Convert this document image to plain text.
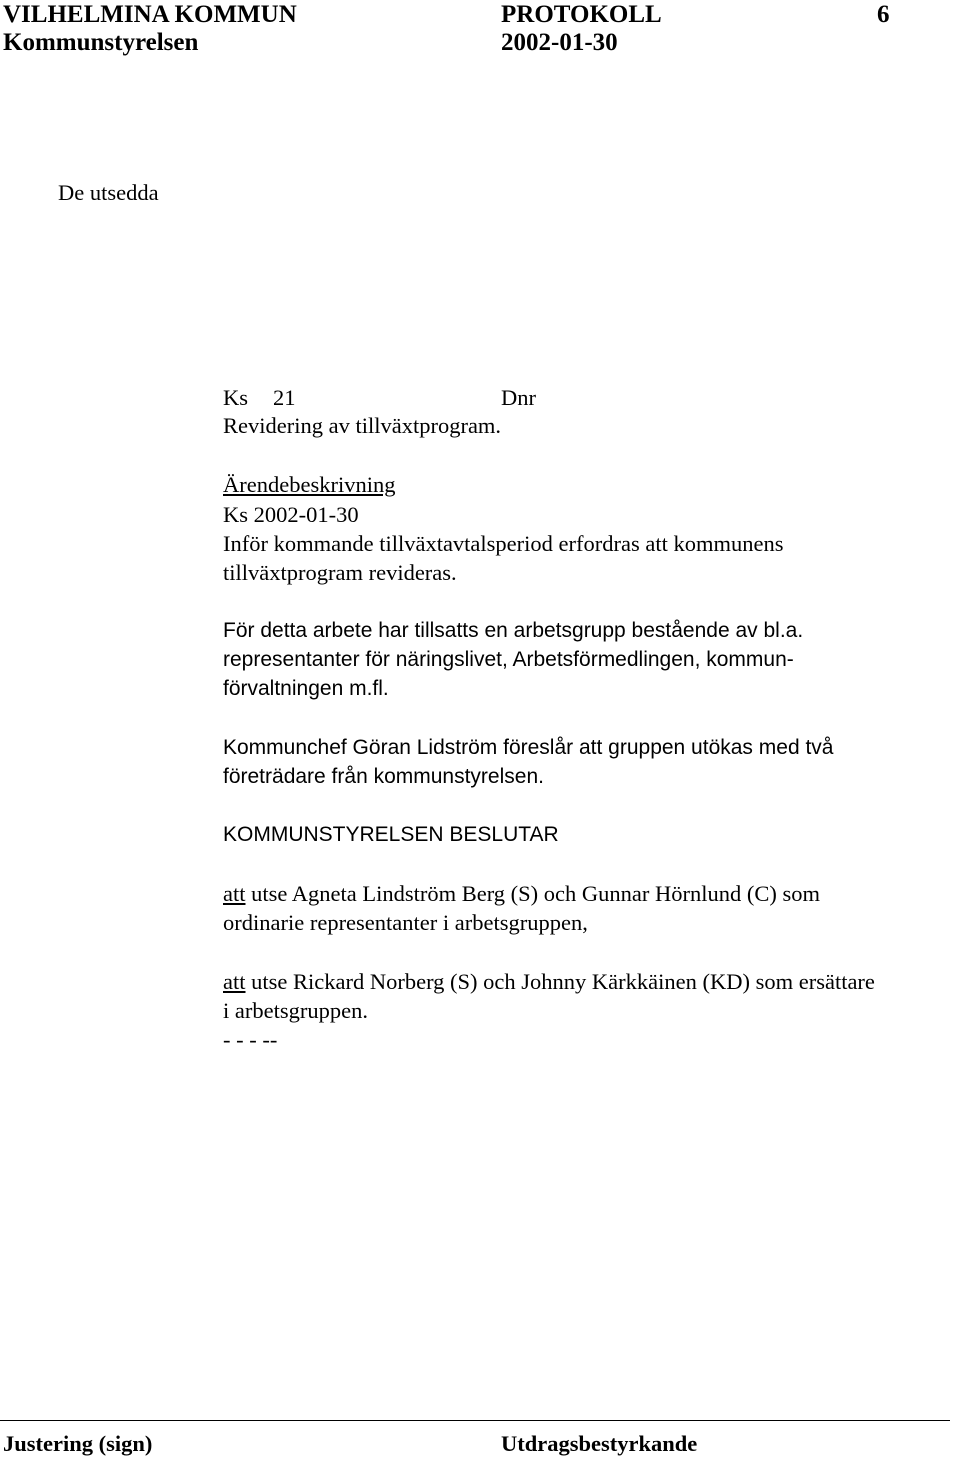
VILHELMINA KOMMUN	PROTOKOLL	6
Kommunstyrelsen	2002-01-30
De utsedda
Ks 21	Dnr
Revidering av tillväxtprogram.
Ärendebeskrivning
Ks 2002-01-30
Inför kommande tillväxtavtalsperiod erfordras att kommunens
tillväxtprogram revideras.
För detta arbete har tillsatts en arbetsgrupp bestående av bl.a.
representanter för näringslivet, Arbetsförmedlingen, kommun-
förvaltningen m.fl.
Kommunchef Göran Lidström föreslår att gruppen utökas med två
företrädare från kommunstyrelsen.
KOMMUNSTYRELSEN BESLUTAR
att utse Agneta Lindström Berg (S) och Gunnar Hörnlund (C) som
ordinarie representanter i arbetsgruppen,
att utse Rickard Norberg (S) och Johnny Kärkkäinen (KD) som ersättare
i arbetsgruppen.
- - - --
Justering (sign)	Utdragsbestyrkande
